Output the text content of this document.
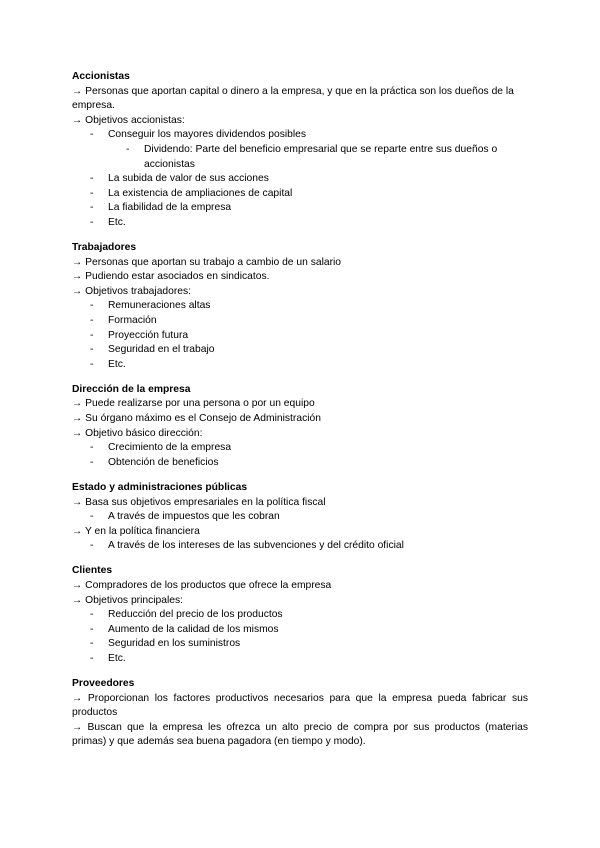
Accionistas
→ Personas que aportan capital o dinero a la empresa, y que en la práctica son los dueños de la empresa.
→ Objetivos accionistas:
- Conseguir los mayores dividendos posibles
- Dividendo: Parte del beneficio empresarial que se reparte entre sus dueños o accionistas
- La subida de valor de sus acciones
- La existencia de ampliaciones de capital
- La fiabilidad de la empresa
- Etc.
Trabajadores
→ Personas que aportan su trabajo a cambio de un salario
→ Pudiendo estar asociados en sindicatos.
→ Objetivos trabajadores:
- Remuneraciones altas
- Formación
- Proyección futura
- Seguridad en el trabajo
- Etc.
Dirección de la empresa
→ Puede realizarse por una persona o por un equipo
→ Su órgano máximo es el Consejo de Administración
→ Objetivo básico dirección:
- Crecimiento de la empresa
- Obtención de beneficios
Estado y administraciones públicas
→ Basa sus objetivos empresariales en la política fiscal
- A través de impuestos que les cobran
→ Y en la política financiera
- A través de los intereses de las subvenciones y del crédito oficial
Clientes
→ Compradores de los productos que ofrece la empresa
→ Objetivos principales:
- Reducción del precio de los productos
- Aumento de la calidad de los mismos
- Seguridad en los suministros
- Etc.
Proveedores
→ Proporcionan los factores productivos necesarios para que la empresa pueda fabricar sus productos
→ Buscan que la empresa les ofrezca un alto precio de compra por sus productos (materias primas) y que además sea buena pagadora (en tiempo y modo).
